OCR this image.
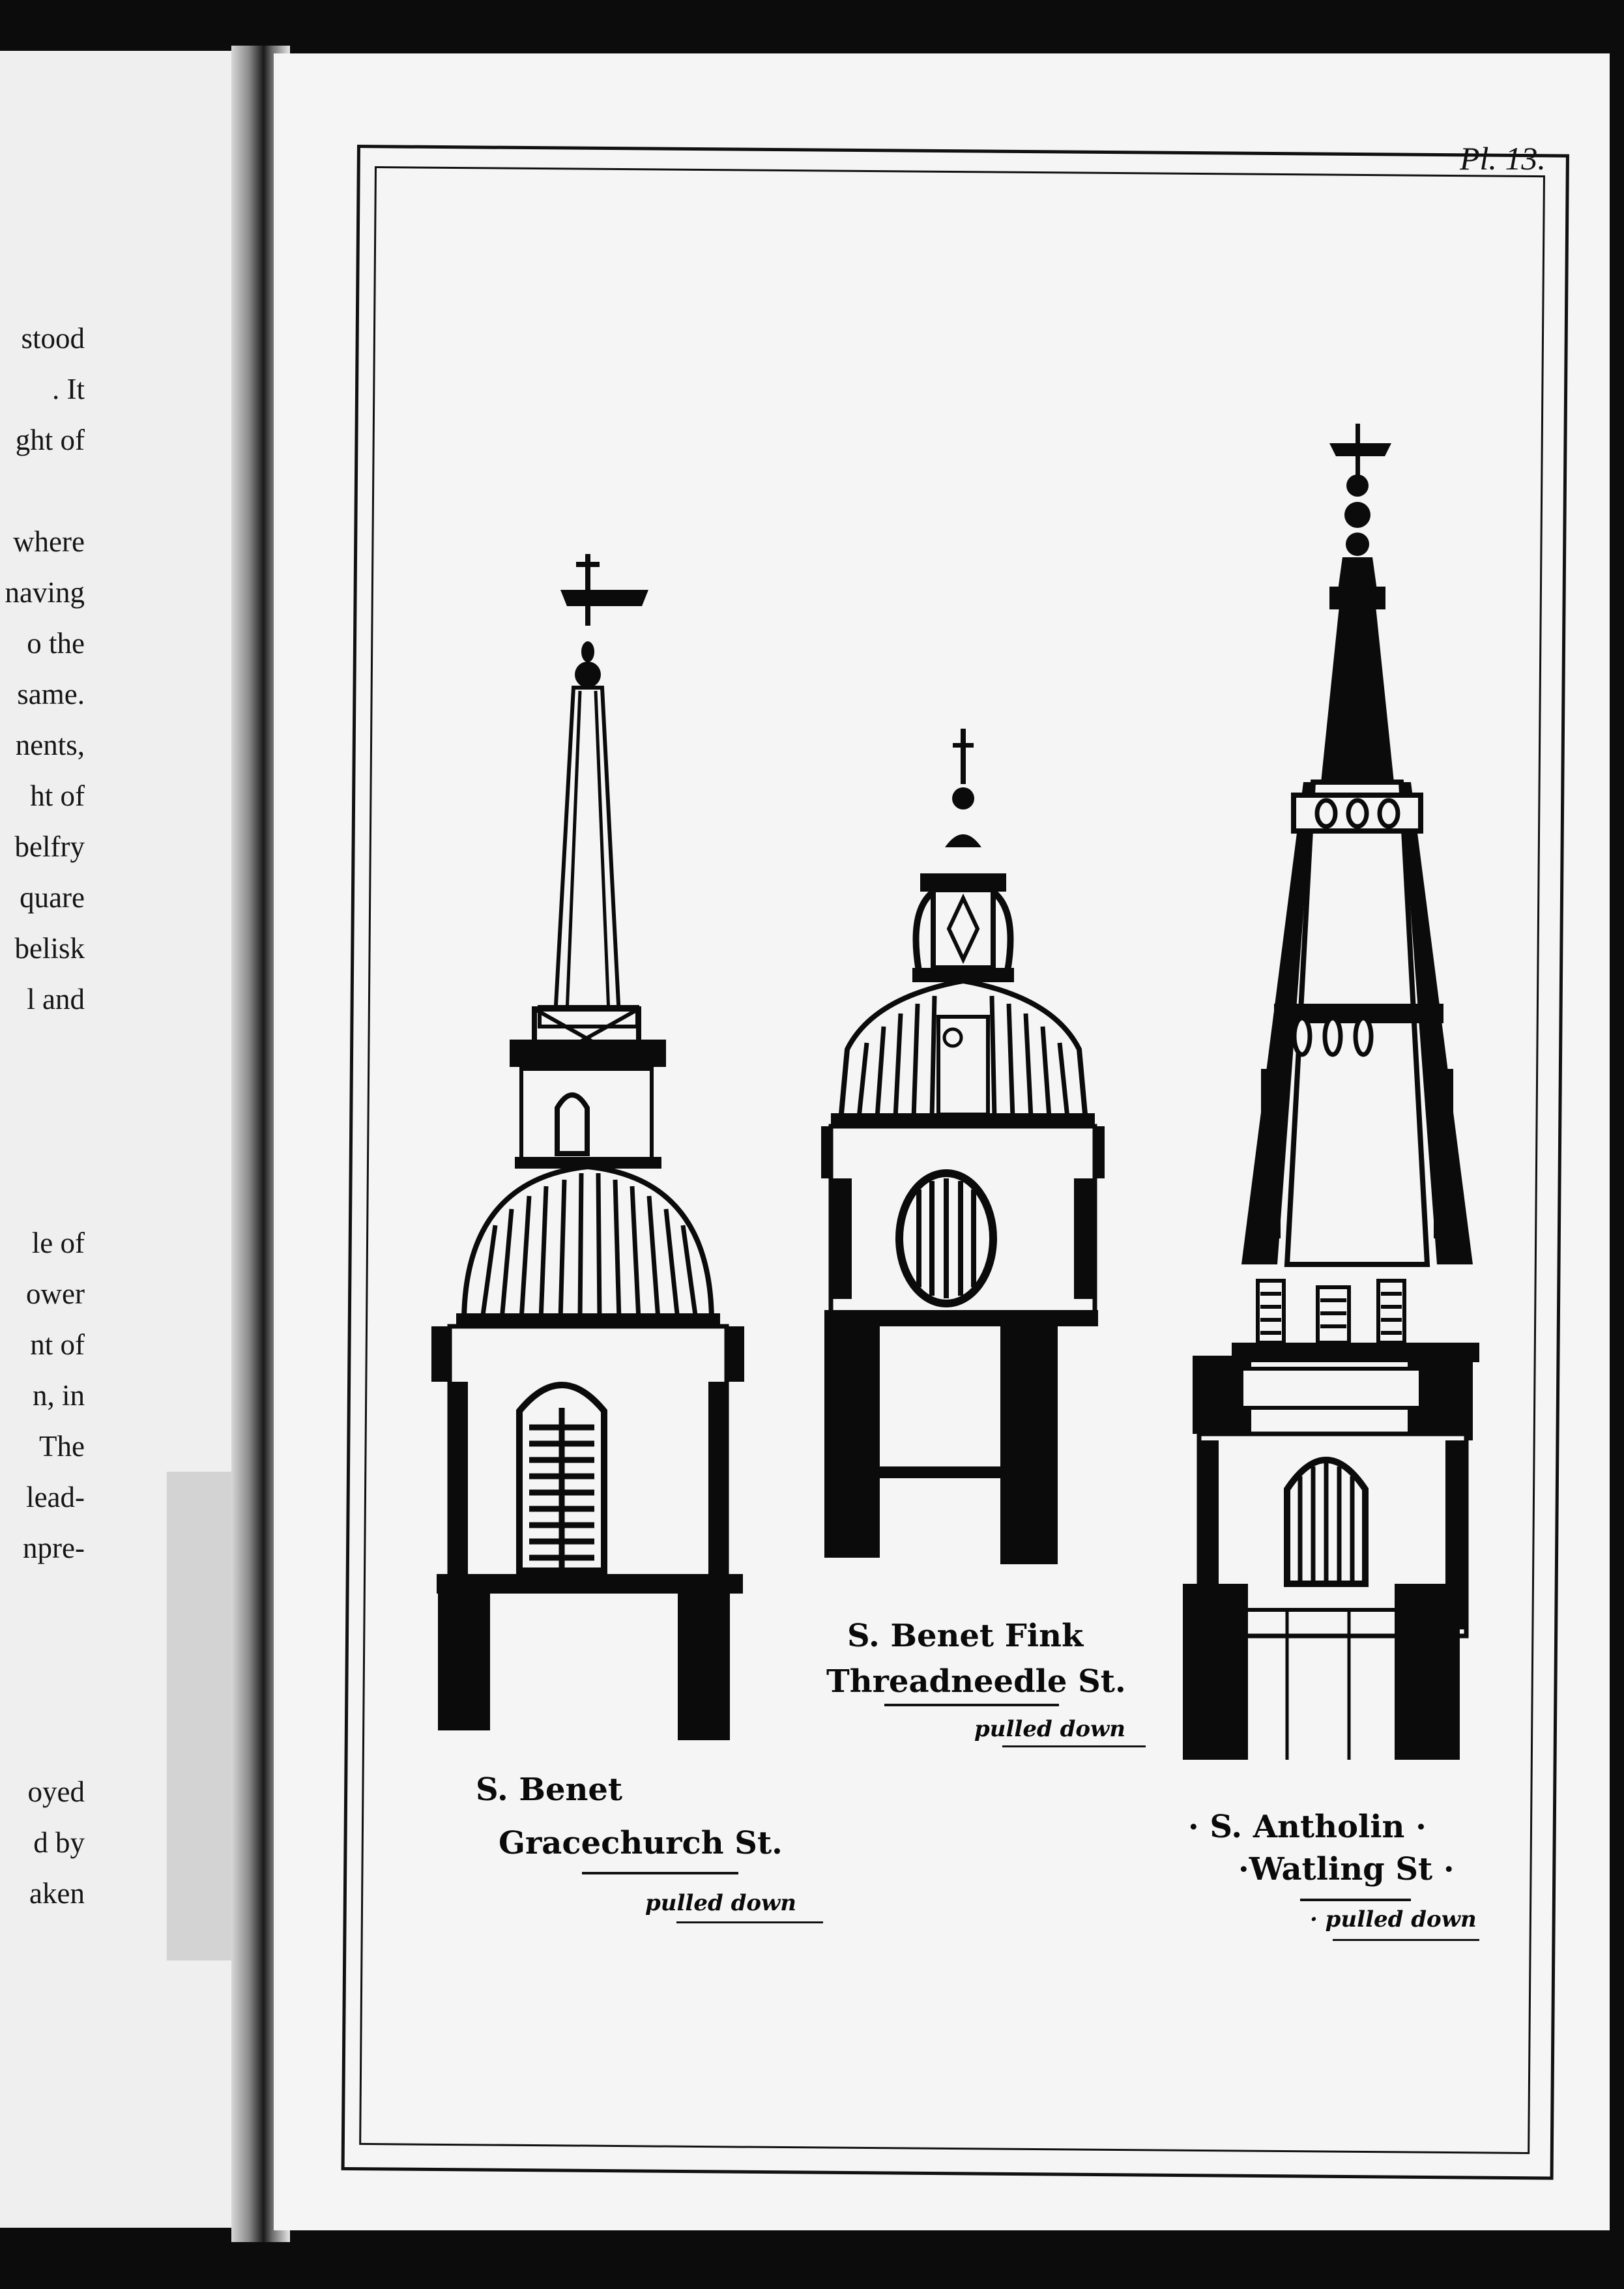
stood
. It
ght of
where
naving
o the
same.
nents,
ht of
belfry
quare
belisk
l and
le of
ower
nt of
n, in
The
lead-
npre-
oyed
d by
aken
Pl. 13.
S. Benet
Gracechurch St.
pulled down
S. Benet Fink
Threadneedle St.
pulled down
· S. Antholin ·
·Watling St ·
· pulled down
